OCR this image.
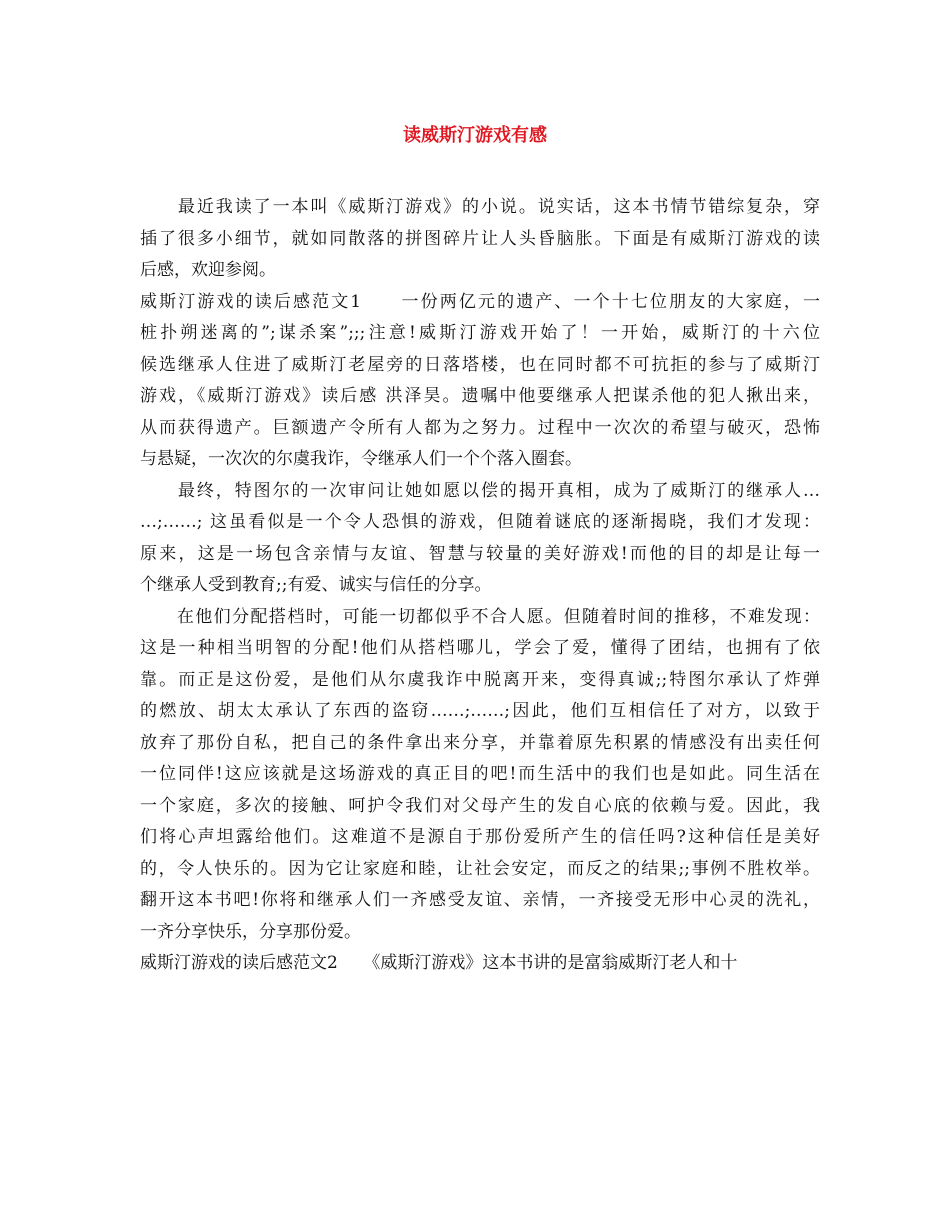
读威斯汀游戏有感
　　最近我读了一本叫《威斯汀游戏》的小说。说实话，这本书情节错综复杂，穿
插了很多小细节，就如同散落的拼图碎片让人头昏脑胀。下面是有威斯汀游戏的读
后感，欢迎参阅。
威斯汀游戏的读后感范文1　　一份两亿元的遗产、一个十七位朋友的大家庭，一
桩扑朔迷离的”;谋杀案”;;;注意!威斯汀游戏开始了！一开始，威斯汀的十六位
候选继承人住进了威斯汀老屋旁的日落塔楼，也在同时都不可抗拒的参与了威斯汀
游戏，《威斯汀游戏》读后感 洪泽昊。遗嘱中他要继承人把谋杀他的犯人揪出来，
从而获得遗产。巨额遗产令所有人都为之努力。过程中一次次的希望与破灭，恐怖
与悬疑，一次次的尔虞我诈，令继承人们一个个落入圈套。
　　最终，特图尔的一次审问让她如愿以偿的揭开真相，成为了威斯汀的继承人…
…;……; 这虽看似是一个令人恐惧的游戏，但随着谜底的逐渐揭晓，我们才发现：
原来，这是一场包含亲情与友谊、智慧与较量的美好游戏!而他的目的却是让每一
个继承人受到教育;;有爱、诚实与信任的分享。
　　在他们分配搭档时，可能一切都似乎不合人愿。但随着时间的推移，不难发现：
这是一种相当明智的分配!他们从搭档哪儿，学会了爱，懂得了团结，也拥有了依
靠。而正是这份爱，是他们从尔虞我诈中脱离开来，变得真诚;;特图尔承认了炸弹
的燃放、胡太太承认了东西的盗窃……;……;因此，他们互相信任了对方，以致于
放弃了那份自私，把自己的条件拿出来分享，并靠着原先积累的情感没有出卖任何
一位同伴!这应该就是这场游戏的真正目的吧!而生活中的我们也是如此。同生活在
一个家庭，多次的接触、呵护令我们对父母产生的发自心底的依赖与爱。因此，我
们将心声坦露给他们。这难道不是源自于那份爱所产生的信任吗?这种信任是美好
的，令人快乐的。因为它让家庭和睦，让社会安定，而反之的结果;;事例不胜枚举。
翻开这本书吧!你将和继承人们一齐感受友谊、亲情，一齐接受无形中心灵的洗礼，
一齐分享快乐，分享那份爱。
威斯汀游戏的读后感范文2　　《威斯汀游戏》这本书讲的是富翁威斯汀老人和十
